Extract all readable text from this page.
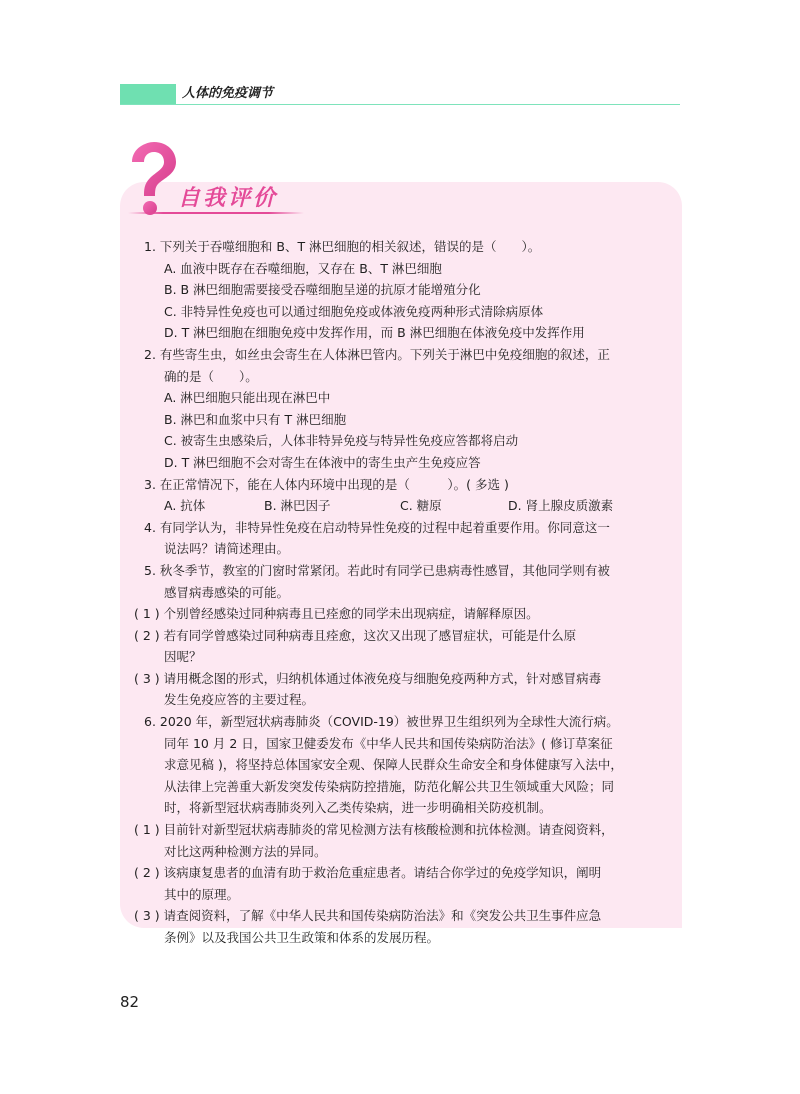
人体的免疫调节
自我评价
1. 下列关于吞噬细胞和 B、T 淋巴细胞的相关叙述，错误的是（　　）。
A. 血液中既存在吞噬细胞，又存在 B、T 淋巴细胞
B. B 淋巴细胞需要接受吞噬细胞呈递的抗原才能增殖分化
C. 非特异性免疫也可以通过细胞免疫或体液免疫两种形式清除病原体
D. T 淋巴细胞在细胞免疫中发挥作用，而 B 淋巴细胞在体液免疫中发挥作用
2. 有些寄生虫，如丝虫会寄生在人体淋巴管内。下列关于淋巴中免疫细胞的叙述，正
确的是（　　）。
A. 淋巴细胞只能出现在淋巴中
B. 淋巴和血浆中只有 T 淋巴细胞
C. 被寄生虫感染后，人体非特异免疫与特异性免疫应答都将启动
D. T 淋巴细胞不会对寄生在体液中的寄生虫产生免疫应答
3. 在正常情况下，能在人体内环境中出现的是（　　　）。( 多选 )
A. 抗体	B. 淋巴因子	C. 糖原	D. 肾上腺皮质激素
4. 有同学认为，非特异性免疫在启动特异性免疫的过程中起着重要作用。你同意这一
说法吗？请简述理由。
5. 秋冬季节，教室的门窗时常紧闭。若此时有同学已患病毒性感冒，其他同学则有被
感冒病毒感染的可能。
( 1 ) 个别曾经感染过同种病毒且已痊愈的同学未出现病症，请解释原因。
( 2 ) 若有同学曾感染过同种病毒且痊愈，这次又出现了感冒症状，可能是什么原
因呢？
( 3 ) 请用概念图的形式，归纳机体通过体液免疫与细胞免疫两种方式，针对感冒病毒
发生免疫应答的主要过程。
6. 2020 年，新型冠状病毒肺炎（COVID-19）被世界卫生组织列为全球性大流行病。
同年 10 月 2 日，国家卫健委发布《中华人民共和国传染病防治法》( 修订草案征
求意见稿 )，将坚持总体国家安全观、保障人民群众生命安全和身体健康写入法中，
从法律上完善重大新发突发传染病防控措施，防范化解公共卫生领域重大风险；同
时，将新型冠状病毒肺炎列入乙类传染病，进一步明确相关防疫机制。
( 1 ) 目前针对新型冠状病毒肺炎的常见检测方法有核酸检测和抗体检测。请查阅资料，
对比这两种检测方法的异同。
( 2 ) 该病康复患者的血清有助于救治危重症患者。请结合你学过的免疫学知识，阐明
其中的原理。
( 3 ) 请查阅资料，了解《中华人民共和国传染病防治法》和《突发公共卫生事件应急
条例》以及我国公共卫生政策和体系的发展历程。
82
